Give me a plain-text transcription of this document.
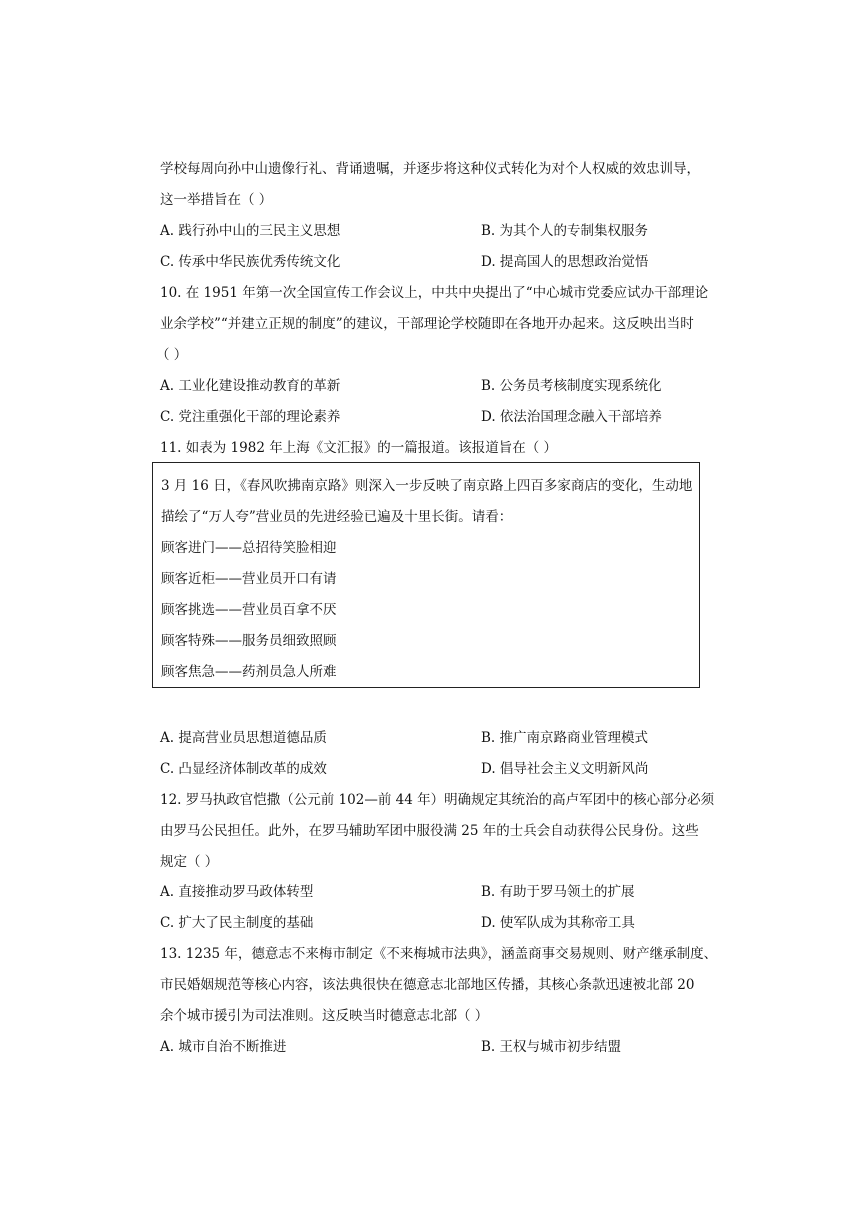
学校每周向孙中山遗像行礼、背诵遗嘱，并逐步将这种仪式转化为对个人权威的效忠训导，
这一举措旨在（ ）
A. 践行孙中山的三民主义思想	B. 为其个人的专制集权服务
C. 传承中华民族优秀传统文化	D. 提高国人的思想政治觉悟
10. 在 1951 年第一次全国宣传工作会议上，中共中央提出了“中心城市党委应试办干部理论
业余学校”“并建立正规的制度”的建议，干部理论学校随即在各地开办起来。这反映出当时
（ ）
A. 工业化建设推动教育的革新	B. 公务员考核制度实现系统化
C. 党注重强化干部的理论素养	D. 依法治国理念融入干部培养
11. 如表为 1982 年上海《文汇报》的一篇报道。该报道旨在（ ）
3 月 16 日，《春风吹拂南京路》则深入一步反映了南京路上四百多家商店的变化，生动地
描绘了“万人夸”营业员的先进经验已遍及十里长街。请看：
顾客进门——总招待笑脸相迎
顾客近柜——营业员开口有请
顾客挑选——营业员百拿不厌
顾客特殊——服务员细致照顾
顾客焦急——药剂员急人所难
A. 提高营业员思想道德品质	B. 推广南京路商业管理模式
C. 凸显经济体制改革的成效	D. 倡导社会主义文明新风尚
12. 罗马执政官恺撒（公元前 102—前 44 年）明确规定其统治的高卢军团中的核心部分必须
由罗马公民担任。此外，在罗马辅助军团中服役满 25 年的士兵会自动获得公民身份。这些
规定（ ）
A. 直接推动罗马政体转型	B. 有助于罗马领土的扩展
C. 扩大了民主制度的基础	D. 使军队成为其称帝工具
13. 1235 年，德意志不来梅市制定《不来梅城市法典》，涵盖商事交易规则、财产继承制度、
市民婚姻规范等核心内容，该法典很快在德意志北部地区传播，其核心条款迅速被北部 20
余个城市援引为司法准则。这反映当时德意志北部（ ）
A. 城市自治不断推进	B. 王权与城市初步结盟
